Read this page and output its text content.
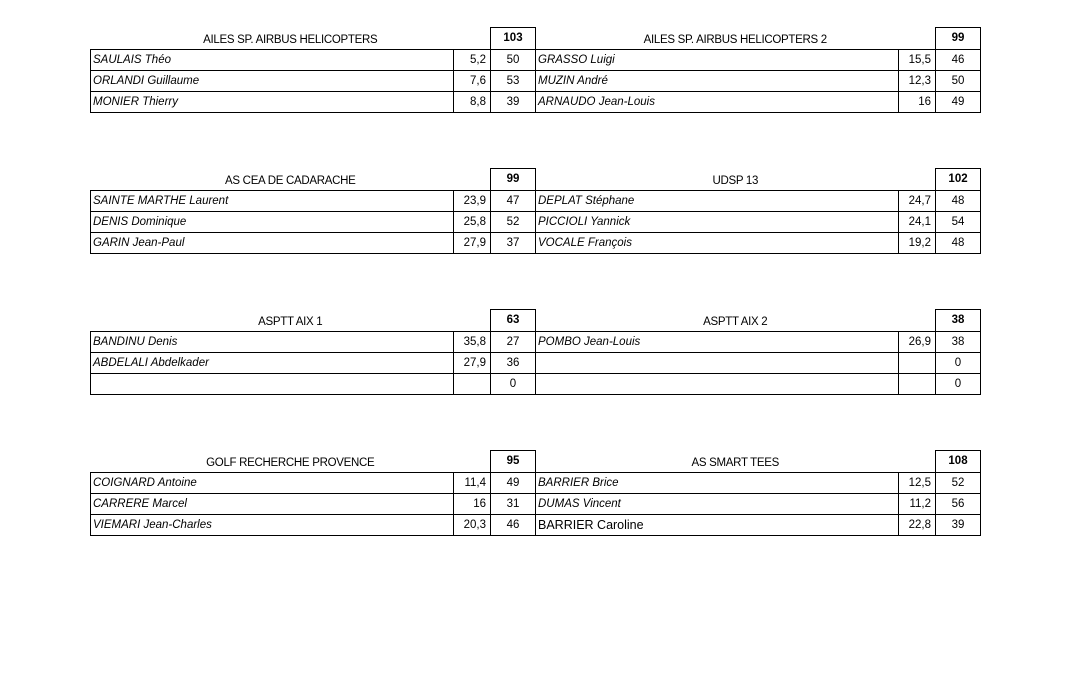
AILES SP. AIRBUS HELICOPTERS		103
SAULAIS Théo	5,2	50
ORLANDI Guillaume	7,6	53
MONIER Thierry	8,8	39
AILES SP. AIRBUS HELICOPTERS 2		99
GRASSO Luigi	15,5	46
MUZIN André	12,3	50
ARNAUDO Jean-Louis	16	49
AS CEA DE CADARACHE		99
SAINTE MARTHE Laurent	23,9	47
DENIS Dominique	25,8	52
GARIN Jean-Paul	27,9	37
UDSP 13		102
DEPLAT Stéphane	24,7	48
PICCIOLI Yannick	24,1	54
VOCALE François	19,2	48
ASPTT AIX 1		63
BANDINU Denis	35,8	27
ABDELALI Abdelkader	27,9	36
		0
ASPTT AIX 2		38
POMBO Jean-Louis	26,9	38
		0
		0
GOLF RECHERCHE PROVENCE		95
COIGNARD Antoine	11,4	49
CARRERE Marcel	16	31
VIEMARI Jean-Charles	20,3	46
AS SMART TEES		108
BARRIER Brice	12,5	52
DUMAS Vincent	11,2	56
BARRIER Caroline	22,8	39
